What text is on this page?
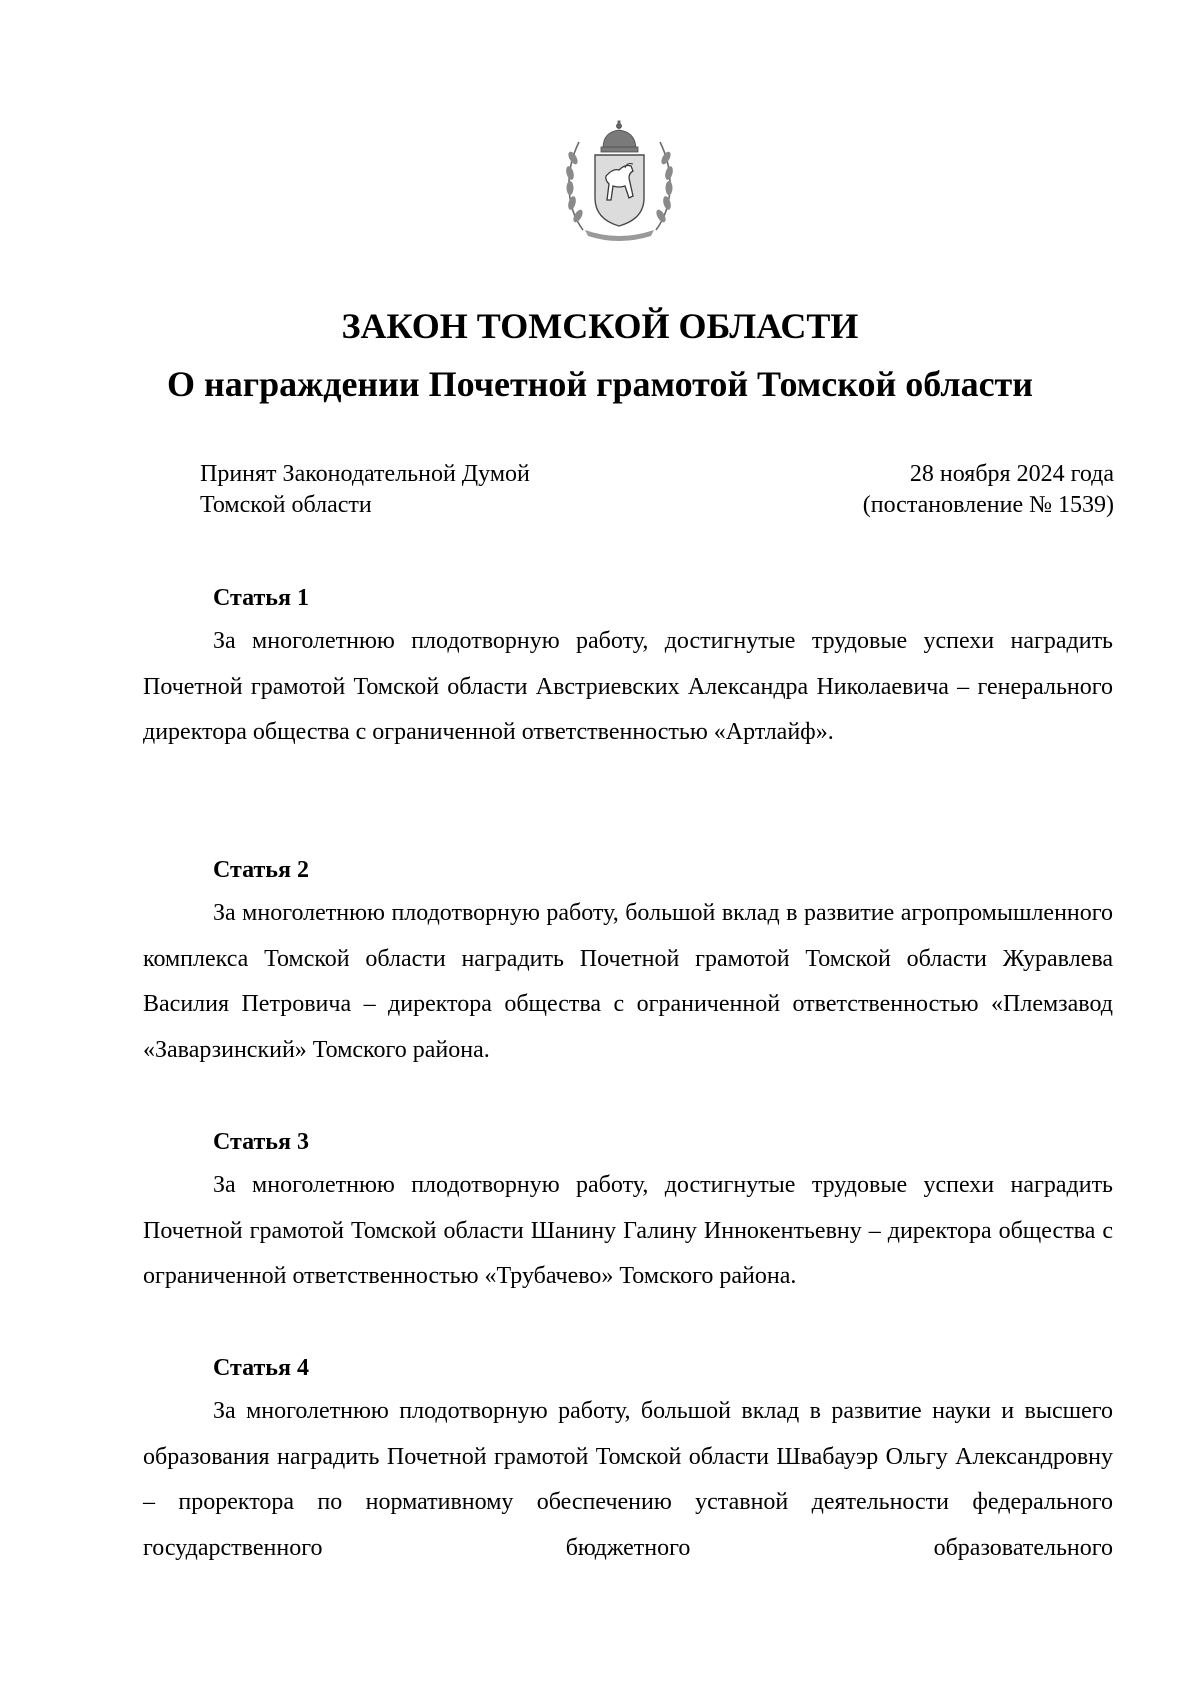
ЗАКОН ТОМСКОЙ ОБЛАСТИ
О награждении Почетной грамотой Томской области
Принят Законодательной Думой
Томской области
28 ноября 2024 года
(постановление № 1539)
Статья 1
За многолетнюю плодотворную работу, достигнутые трудовые успехи наградить Почетной грамотой Томской области Австриевских Александра Николаевича – генерального директора общества с ограниченной ответственностью «Артлайф».
Статья 2
За многолетнюю плодотворную работу, большой вклад в развитие агропромышленного комплекса Томской области наградить Почетной грамотой Томской области Журавлева Василия Петровича – директора общества с ограниченной ответственностью «Племзавод «Заварзинский» Томского района.
Статья 3
За многолетнюю плодотворную работу, достигнутые трудовые успехи наградить Почетной грамотой Томской области Шанину Галину Иннокентьевну – директора общества с ограниченной ответственностью «Трубачево» Томского района.
Статья 4
За многолетнюю плодотворную работу, большой вклад в развитие науки и высшего образования наградить Почетной грамотой Томской области Швабауэр Ольгу Александровну – проректора по нормативному обеспечению уставной деятельности федерального государственного бюджетного образовательного
